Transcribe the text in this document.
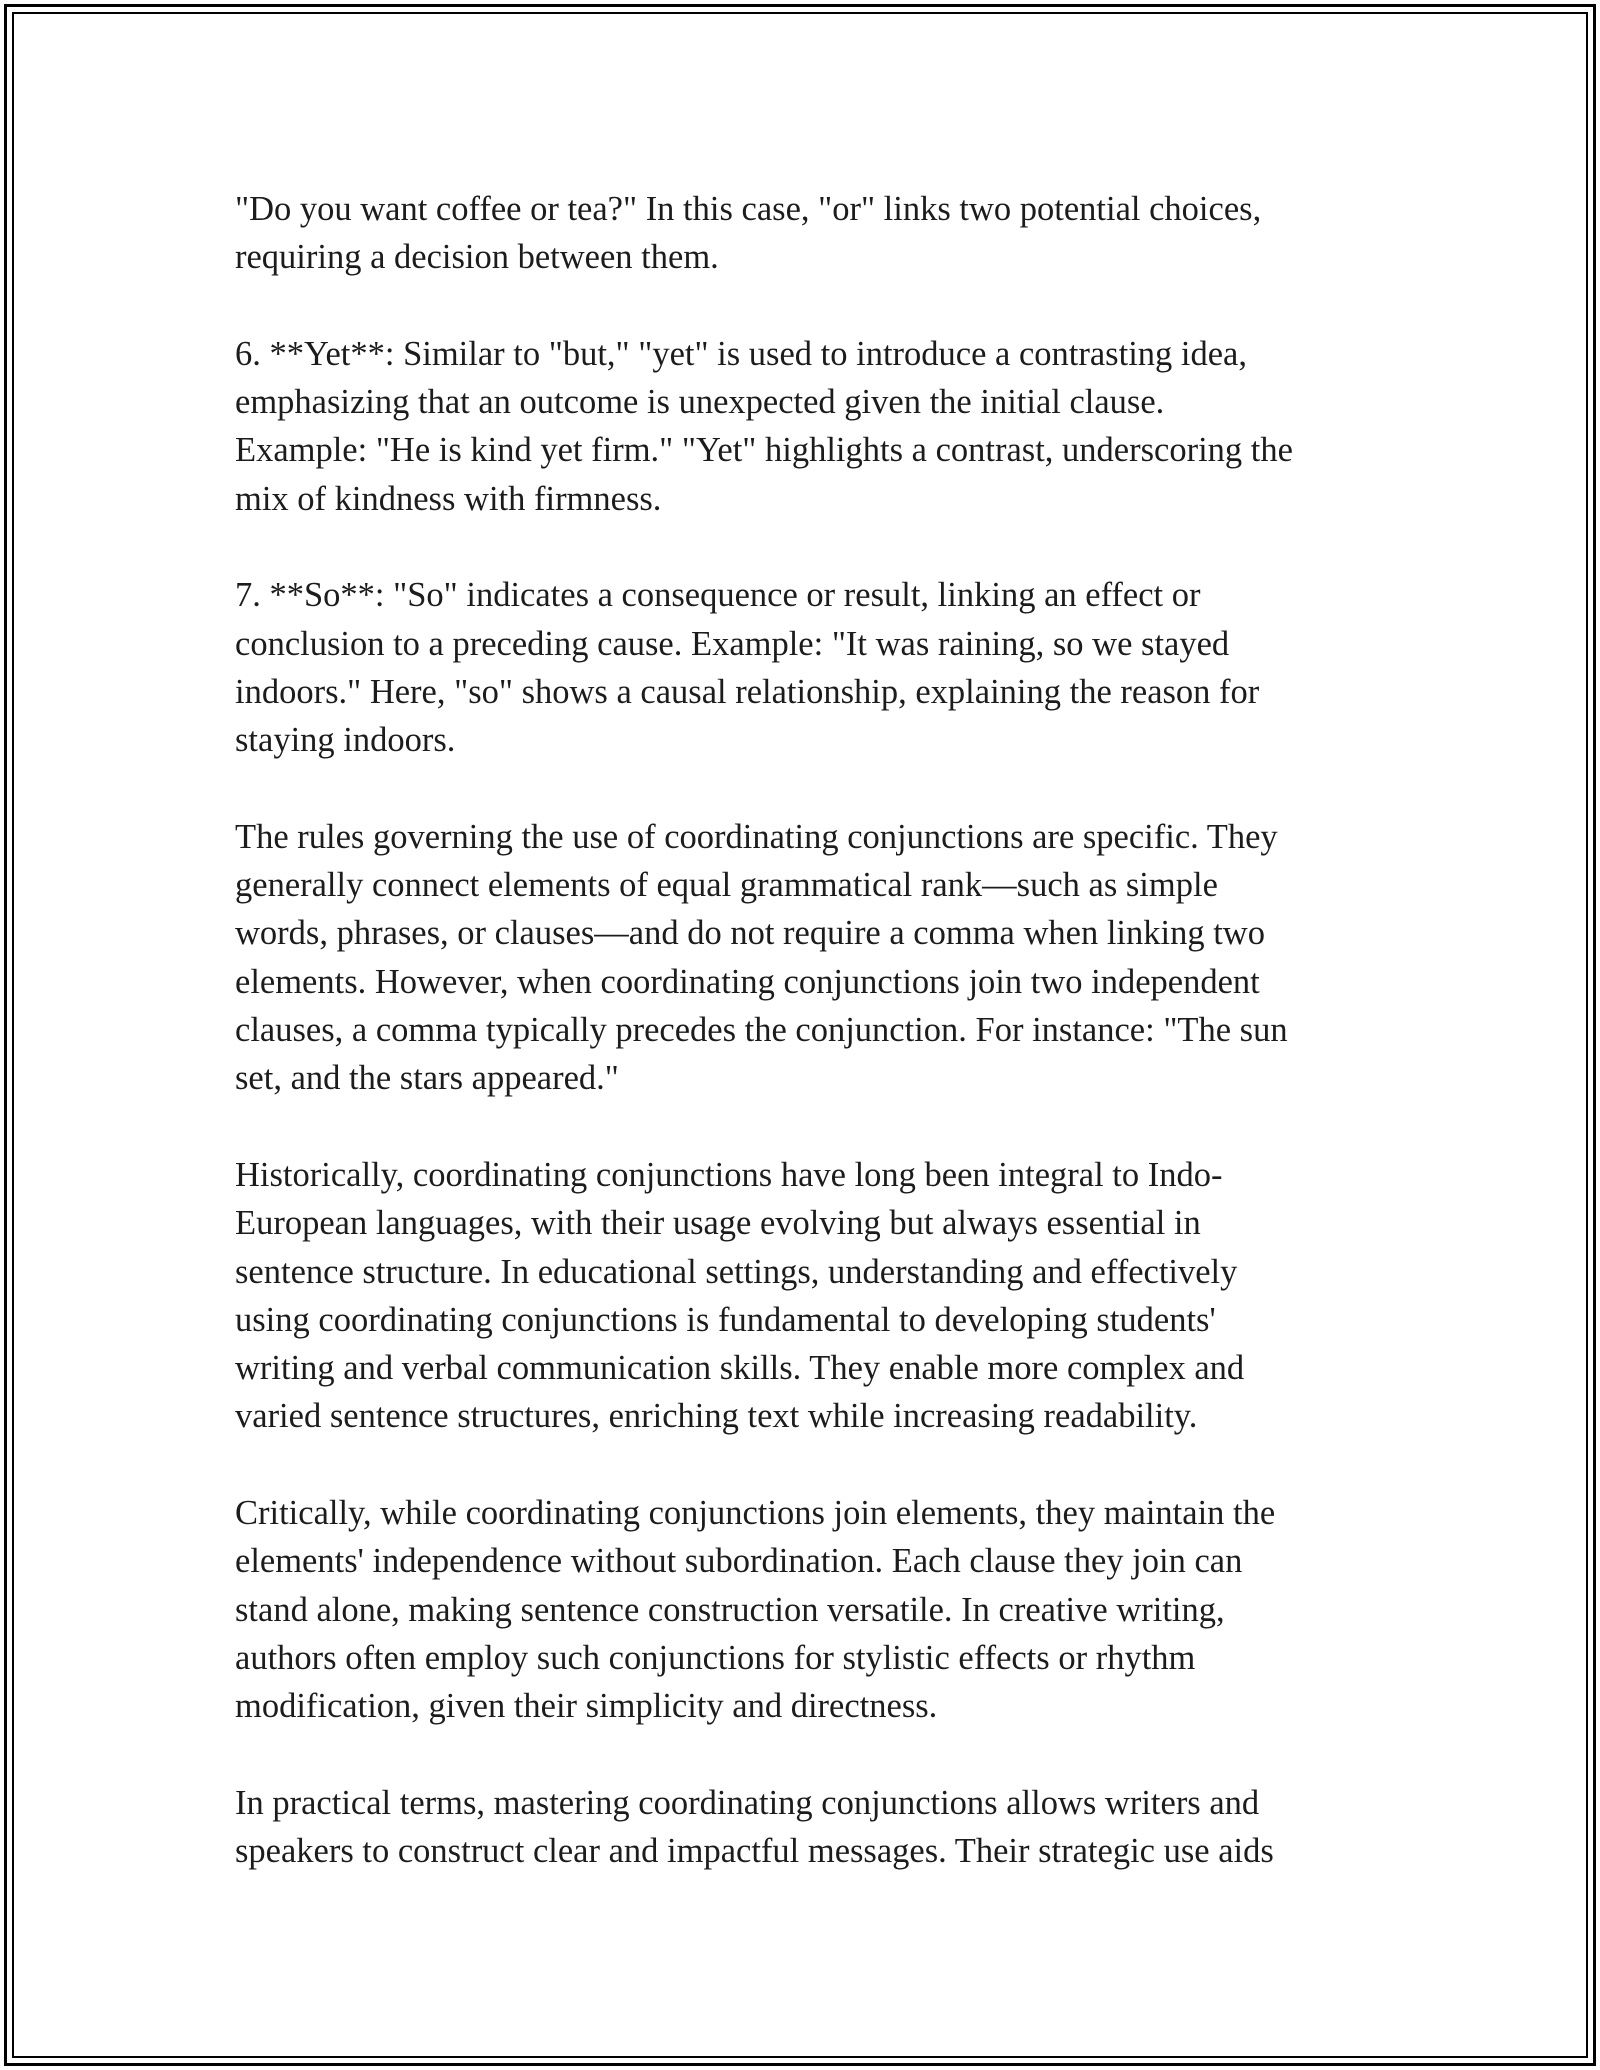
"Do you want coffee or tea?" In this case, "or" links two potential choices,
requiring a decision between them.

6. **Yet**: Similar to "but," "yet" is used to introduce a contrasting idea,
emphasizing that an outcome is unexpected given the initial clause.
Example: "He is kind yet firm." "Yet" highlights a contrast, underscoring the
mix of kindness with firmness.

7. **So**: "So" indicates a consequence or result, linking an effect or
conclusion to a preceding cause. Example: "It was raining, so we stayed
indoors." Here, "so" shows a causal relationship, explaining the reason for
staying indoors.

The rules governing the use of coordinating conjunctions are specific. They
generally connect elements of equal grammatical rank—such as simple
words, phrases, or clauses—and do not require a comma when linking two
elements. However, when coordinating conjunctions join two independent
clauses, a comma typically precedes the conjunction. For instance: "The sun
set, and the stars appeared."

Historically, coordinating conjunctions have long been integral to Indo-
European languages, with their usage evolving but always essential in
sentence structure. In educational settings, understanding and effectively
using coordinating conjunctions is fundamental to developing students'
writing and verbal communication skills. They enable more complex and
varied sentence structures, enriching text while increasing readability.

Critically, while coordinating conjunctions join elements, they maintain the
elements' independence without subordination. Each clause they join can
stand alone, making sentence construction versatile. In creative writing,
authors often employ such conjunctions for stylistic effects or rhythm
modification, given their simplicity and directness.

In practical terms, mastering coordinating conjunctions allows writers and
speakers to construct clear and impactful messages. Their strategic use aids
